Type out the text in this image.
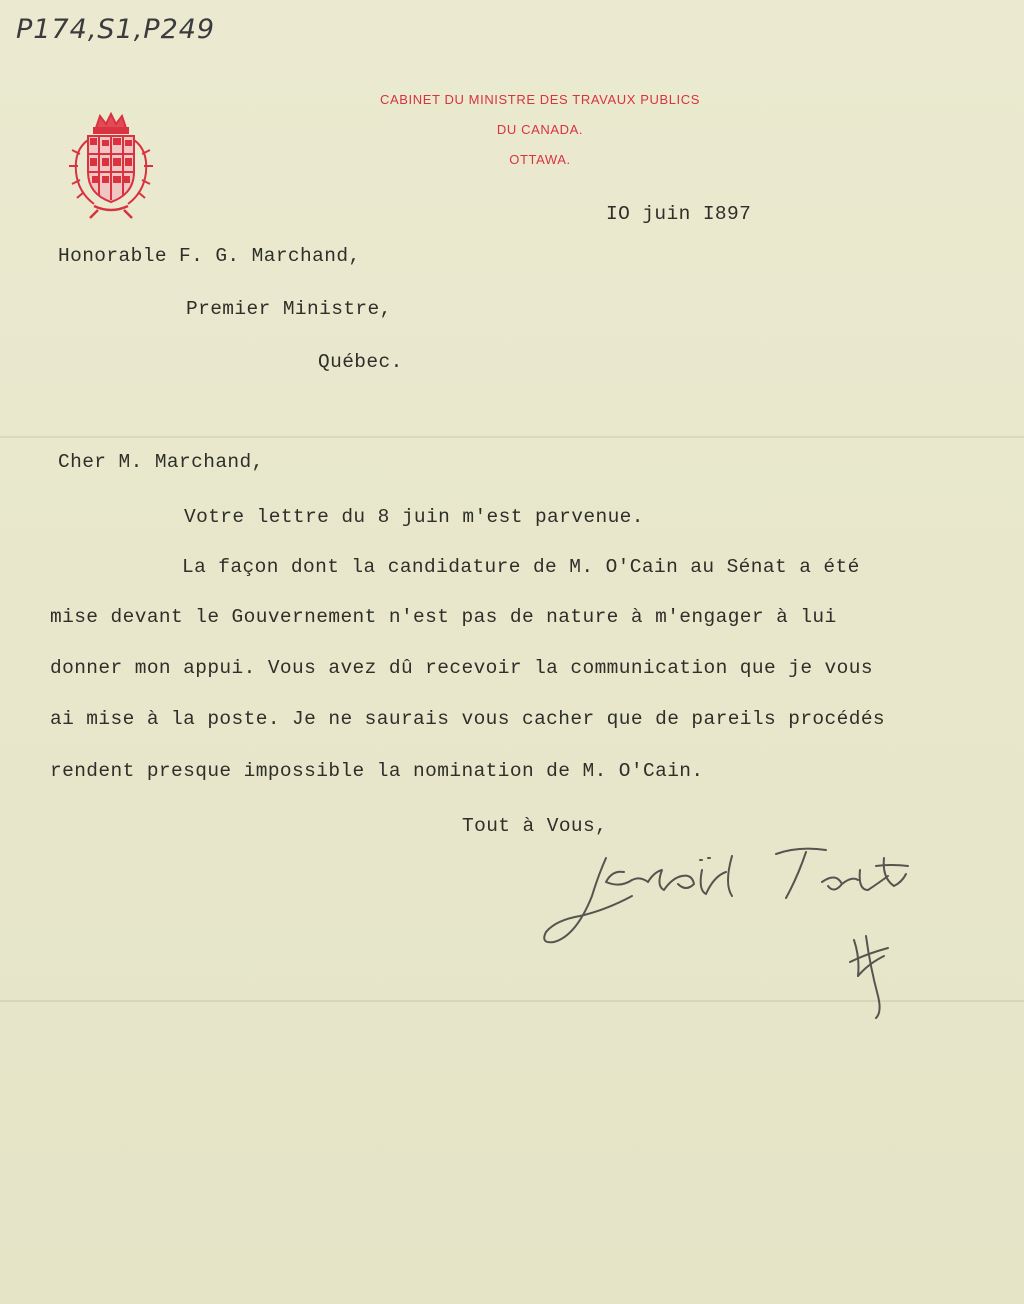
P174,S1,P249
CABINET DU MINISTRE DES TRAVAUX PUBLICS
DU CANADA.
OTTAWA.
IO juin I897
Honorable F. G. Marchand,
Premier Ministre,
Québec.
Cher M. Marchand,
Votre lettre du 8 juin m'est parvenue.
La façon dont la candidature de M. O'Cain au Sénat a été
mise devant le Gouvernement n'est pas de nature à m'engager à lui
donner mon appui. Vous avez dû recevoir la communication que je vous
ai mise à la poste. Je ne saurais vous cacher que de pareils procédés
rendent presque impossible la nomination de M. O'Cain.
Tout à Vous,
